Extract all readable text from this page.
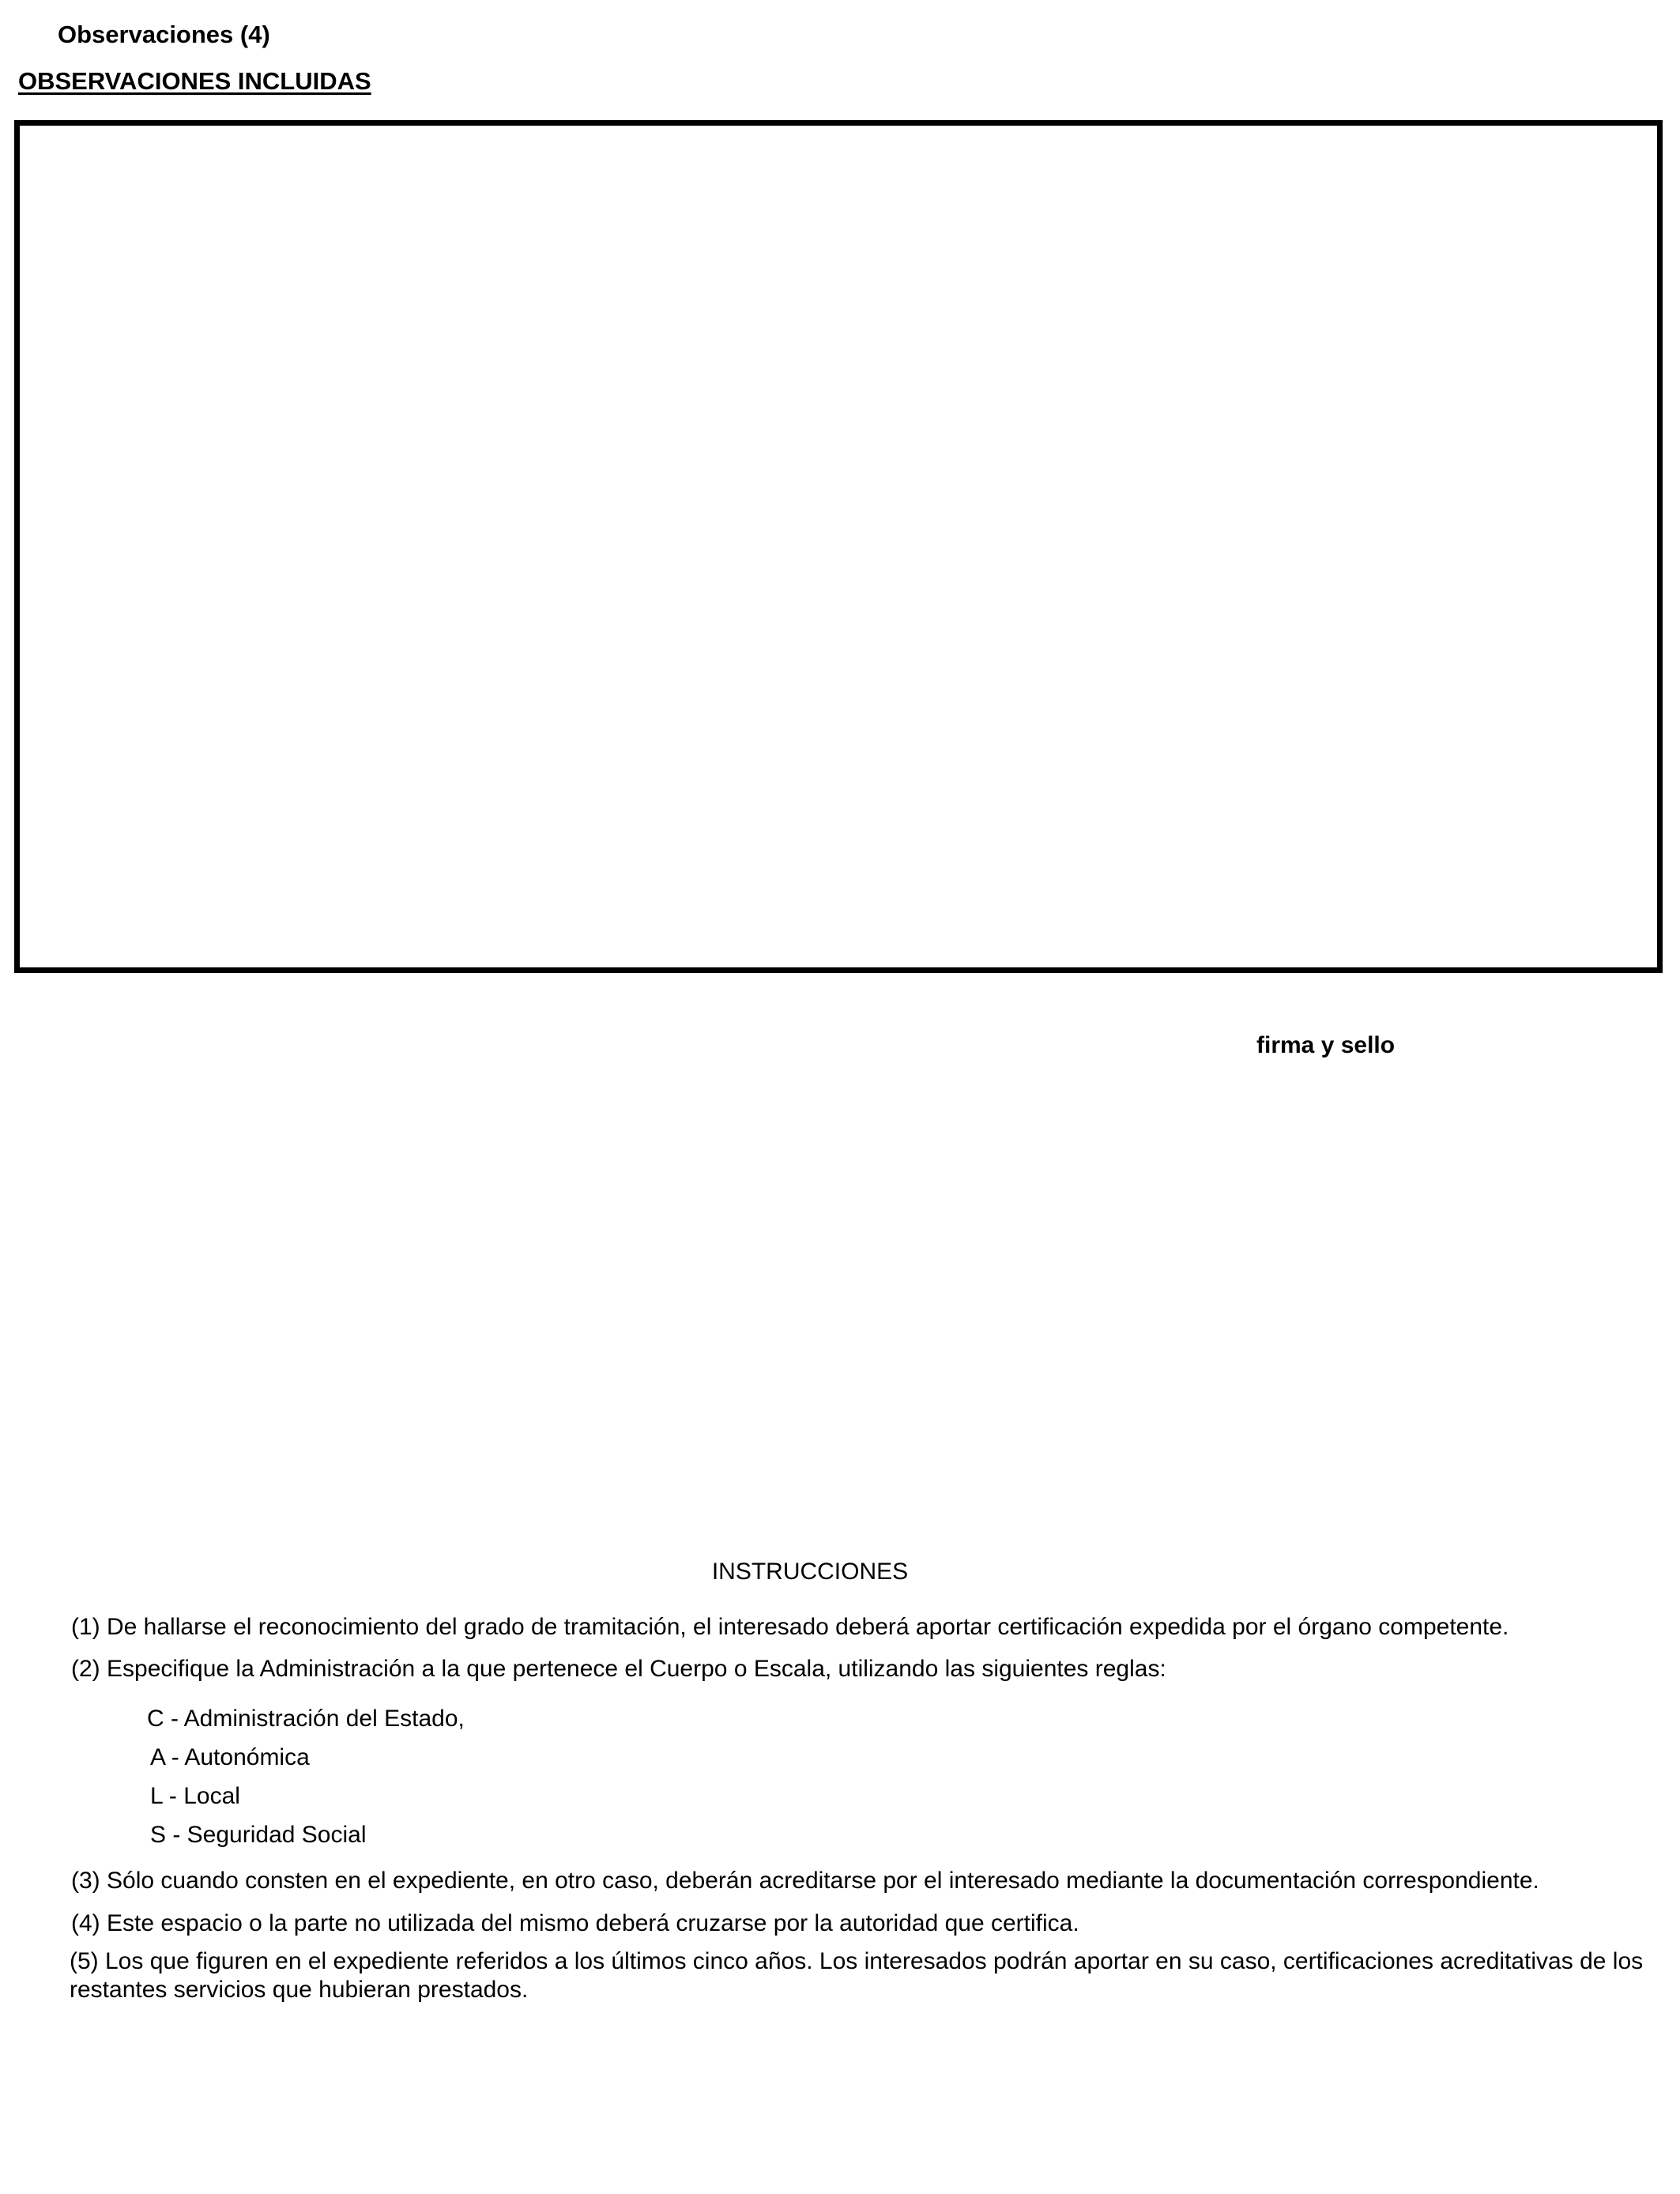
Observaciones (4)
OBSERVACIONES INCLUIDAS
firma y sello
INSTRUCCIONES
(1) De hallarse el reconocimiento del grado de tramitación, el interesado deberá aportar certificación expedida por el órgano competente.
(2) Especifique la Administración a la que pertenece el Cuerpo o Escala, utilizando las siguientes reglas:
C - Administración del Estado,
A - Autonómica
L - Local
S - Seguridad Social
(3) Sólo cuando consten en el expediente, en otro caso, deberán acreditarse por el interesado mediante la documentación correspondiente.
(4) Este espacio o la parte no utilizada del mismo deberá cruzarse por la autoridad que certifica.
(5) Los que figuren en el expediente referidos a los últimos cinco años. Los interesados podrán aportar en su caso, certificaciones acreditativas de los restantes servicios que hubieran prestados.
